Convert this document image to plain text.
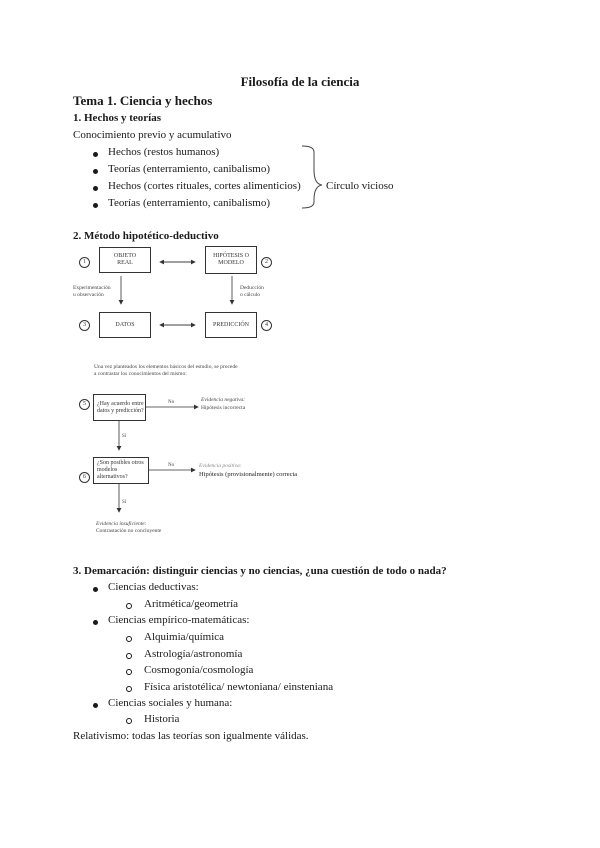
Filosofía de la ciencia
Tema 1. Ciencia y hechos
1. Hechos y teorías
Conocimiento previo y acumulativo
Hechos (restos humanos)
Teorías (enterramiento, canibalismo)
Hechos (cortes rituales, cortes alimenticios)
Teorías (enterramiento, canibalismo)
Círculo vicioso
2. Método hipotético-deductivo
1
OBJETO REAL
HIPÓTESIS O MODELO	2
Experimentación
u observación
Deducción
o cálculo
3	DATOS	PREDICCIÓN	4
Una vez planteados los elementos básicos del estudio, se procede
a contrastar los conocimientos del mismo:
5	¿Hay acuerdo entre
datos y predicción?
No	Evidencia negativa:
Hipótesis incorrecta
Sí
6
¿Son posibles otros
modelos alternativos?
No	Evidencia positiva:
Hipótesis (provisionalmente) correcta
Sí
Evidencia insuficiente:
Contrastación no concluyente
3. Demarcación: distinguir ciencias y no ciencias, ¿una cuestión de todo o nada?
Ciencias deductivas:
Aritmética/geometría
Ciencias empírico-matemáticas:
Alquimia/química
Astrología/astronomía
Cosmogonía/cosmología
Física aristotélica/ newtoniana/ einsteniana
Ciencias sociales y humana:
Historia
Relativismo: todas las teorías son igualmente válidas.
